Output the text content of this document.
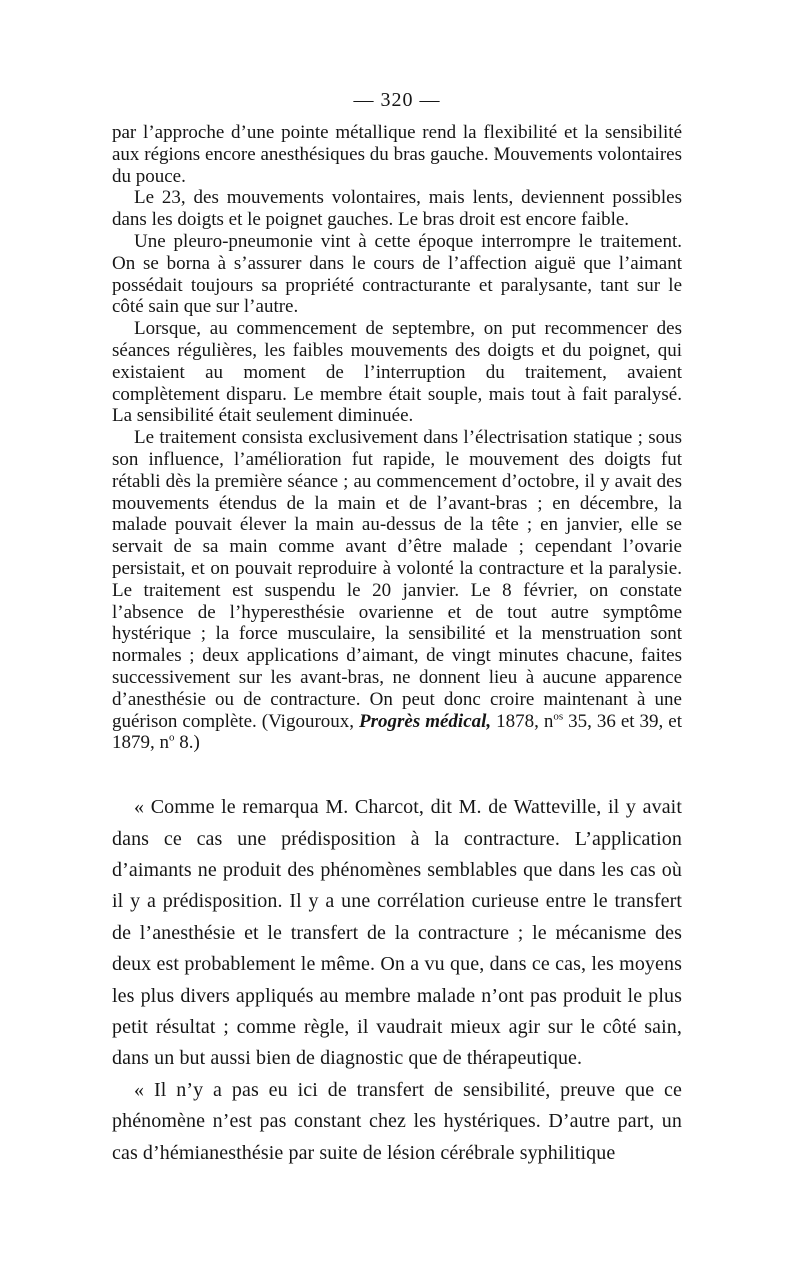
— 320 —

par l’approche d’une pointe métallique rend la flexibilité et la sensibilité aux régions encore anesthésiques du bras gauche. Mouvements volontaires du pouce.

Le 23, des mouvements volontaires, mais lents, deviennent possibles dans les doigts et le poignet gauches. Le bras droit est encore faible.

Une pleuro-pneumonie vint à cette époque interrompre le traitement. On se borna à s’assurer dans le cours de l’affection aiguë que l’aimant possédait toujours sa propriété contracturante et paralysante, tant sur le côté sain que sur l’autre.

Lorsque, au commencement de septembre, on put recommencer des séances régulières, les faibles mouvements des doigts et du poignet, qui existaient au moment de l’interruption du traitement, avaient complètement disparu. Le membre était souple, mais tout à fait paralysé. La sensibilité était seulement diminuée.

Le traitement consista exclusivement dans l’électrisation statique ; sous son influence, l’amélioration fut rapide, le mouvement des doigts fut rétabli dès la première séance ; au commencement d’octobre, il y avait des mouvements étendus de la main et de l’avant-bras ; en décembre, la malade pouvait élever la main au-dessus de la tête ; en janvier, elle se servait de sa main comme avant d’être malade ; cependant l’ovarie persistait, et on pouvait reproduire à volonté la contracture et la paralysie. Le traitement est suspendu le 20 janvier. Le 8 février, on constate l’absence de l’hyperesthésie ovarienne et de tout autre symptôme hystérique ; la force musculaire, la sensibilité et la menstruation sont normales ; deux applications d’aimant, de vingt minutes chacune, faites successivement sur les avant-bras, ne donnent lieu à aucune apparence d’anesthésie ou de contracture. On peut donc croire maintenant à une guérison complète. (Vigouroux, Progrès médical, 1878, $n^{os}$ 35, 36 et 39, et 1879, $n^o$ 8.)

« Comme le remarqua M. Charcot, dit M. de Watteville, il y avait dans ce cas une prédisposition à la contracture. L’application d’aimants ne produit des phénomènes semblables que dans les cas où il y a prédisposition. Il y a une corrélation curieuse entre le transfert de l’anesthésie et le transfert de la contracture ; le mécanisme des deux est probablement le même. On a vu que, dans ce cas, les moyens les plus divers appliqués au membre malade n’ont pas produit le plus petit résultat ; comme règle, il vaudrait mieux agir sur le côté sain, dans un but aussi bien de diagnostic que de thérapeutique.

« Il n’y a pas eu ici de transfert de sensibilité, preuve que ce phénomène n’est pas constant chez les hystériques. D’autre part, un cas d’hémianesthésie par suite de lésion cérébrale syphilitique
